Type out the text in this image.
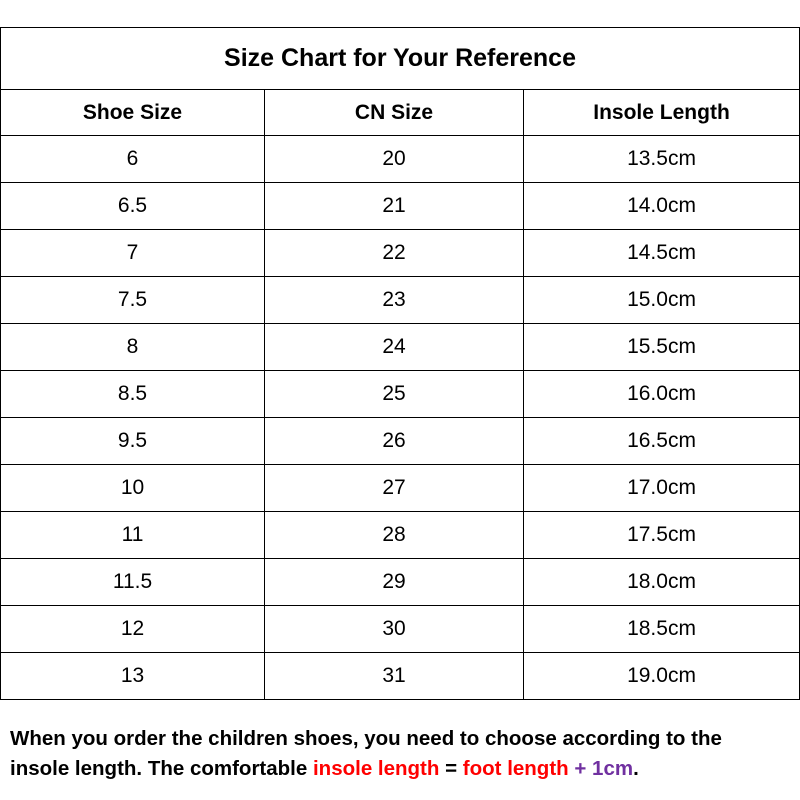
Size Chart for Your Reference		
Shoe Size	CN Size	Insole Length
6	20	13.5cm
6.5	21	14.0cm
7	22	14.5cm
7.5	23	15.0cm
8	24	15.5cm
8.5	25	16.0cm
9.5	26	16.5cm
10	27	17.0cm
11	28	17.5cm
11.5	29	18.0cm
12	30	18.5cm
13	31	19.0cm
When you order the children shoes, you need to choose according to the
insole length. The comfortable insole length = foot length + 1cm.
